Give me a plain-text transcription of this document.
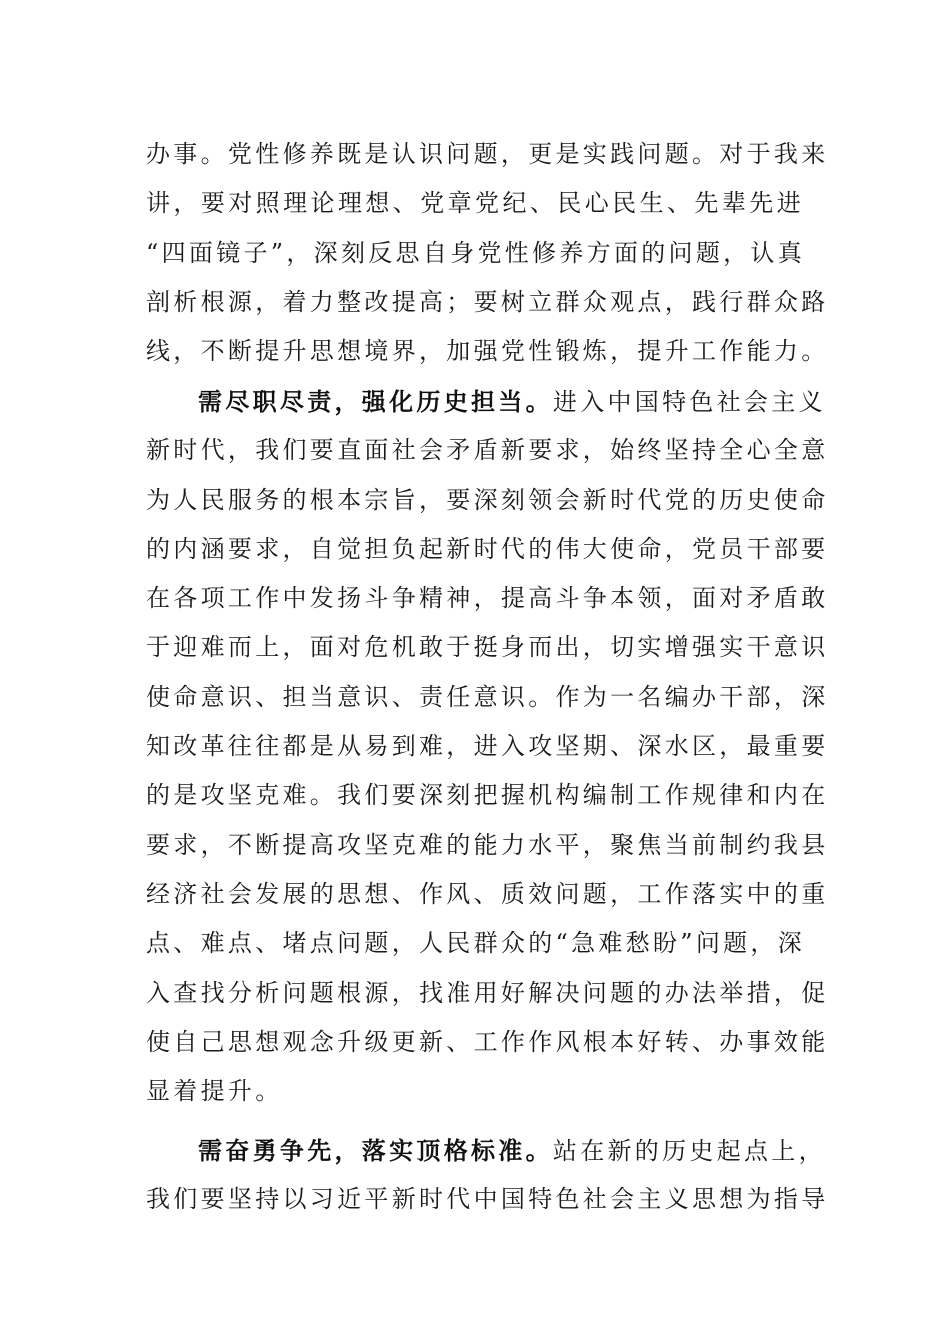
办事。党性修养既是认识问题，更是实践问题。对于我来
讲，要对照理论理想、党章党纪、民心民生、先辈先进
“四面镜子”，深刻反思自身党性修养方面的问题，认真
剖析根源，着力整改提高；要树立群众观点，践行群众路
线，不断提升思想境界，加强党性锻炼，提升工作能力。
需尽职尽责，强化历史担当。进入中国特色社会主义
新时代，我们要直面社会矛盾新要求，始终坚持全心全意
为人民服务的根本宗旨，要深刻领会新时代党的历史使命
的内涵要求，自觉担负起新时代的伟大使命，党员干部要
在各项工作中发扬斗争精神，提高斗争本领，面对矛盾敢
于迎难而上，面对危机敢于挺身而出，切实增强实干意识
使命意识、担当意识、责任意识。作为一名编办干部，深
知改革往往都是从易到难，进入攻坚期、深水区，最重要
的是攻坚克难。我们要深刻把握机构编制工作规律和内在
要求，不断提高攻坚克难的能力水平，聚焦当前制约我县
经济社会发展的思想、作风、质效问题，工作落实中的重
点、难点、堵点问题，人民群众的“急难愁盼”问题，深
入查找分析问题根源，找准用好解决问题的办法举措，促
使自己思想观念升级更新、工作作风根本好转、办事效能
显着提升。
需奋勇争先，落实顶格标准。站在新的历史起点上，
我们要坚持以习近平新时代中国特色社会主义思想为指导
